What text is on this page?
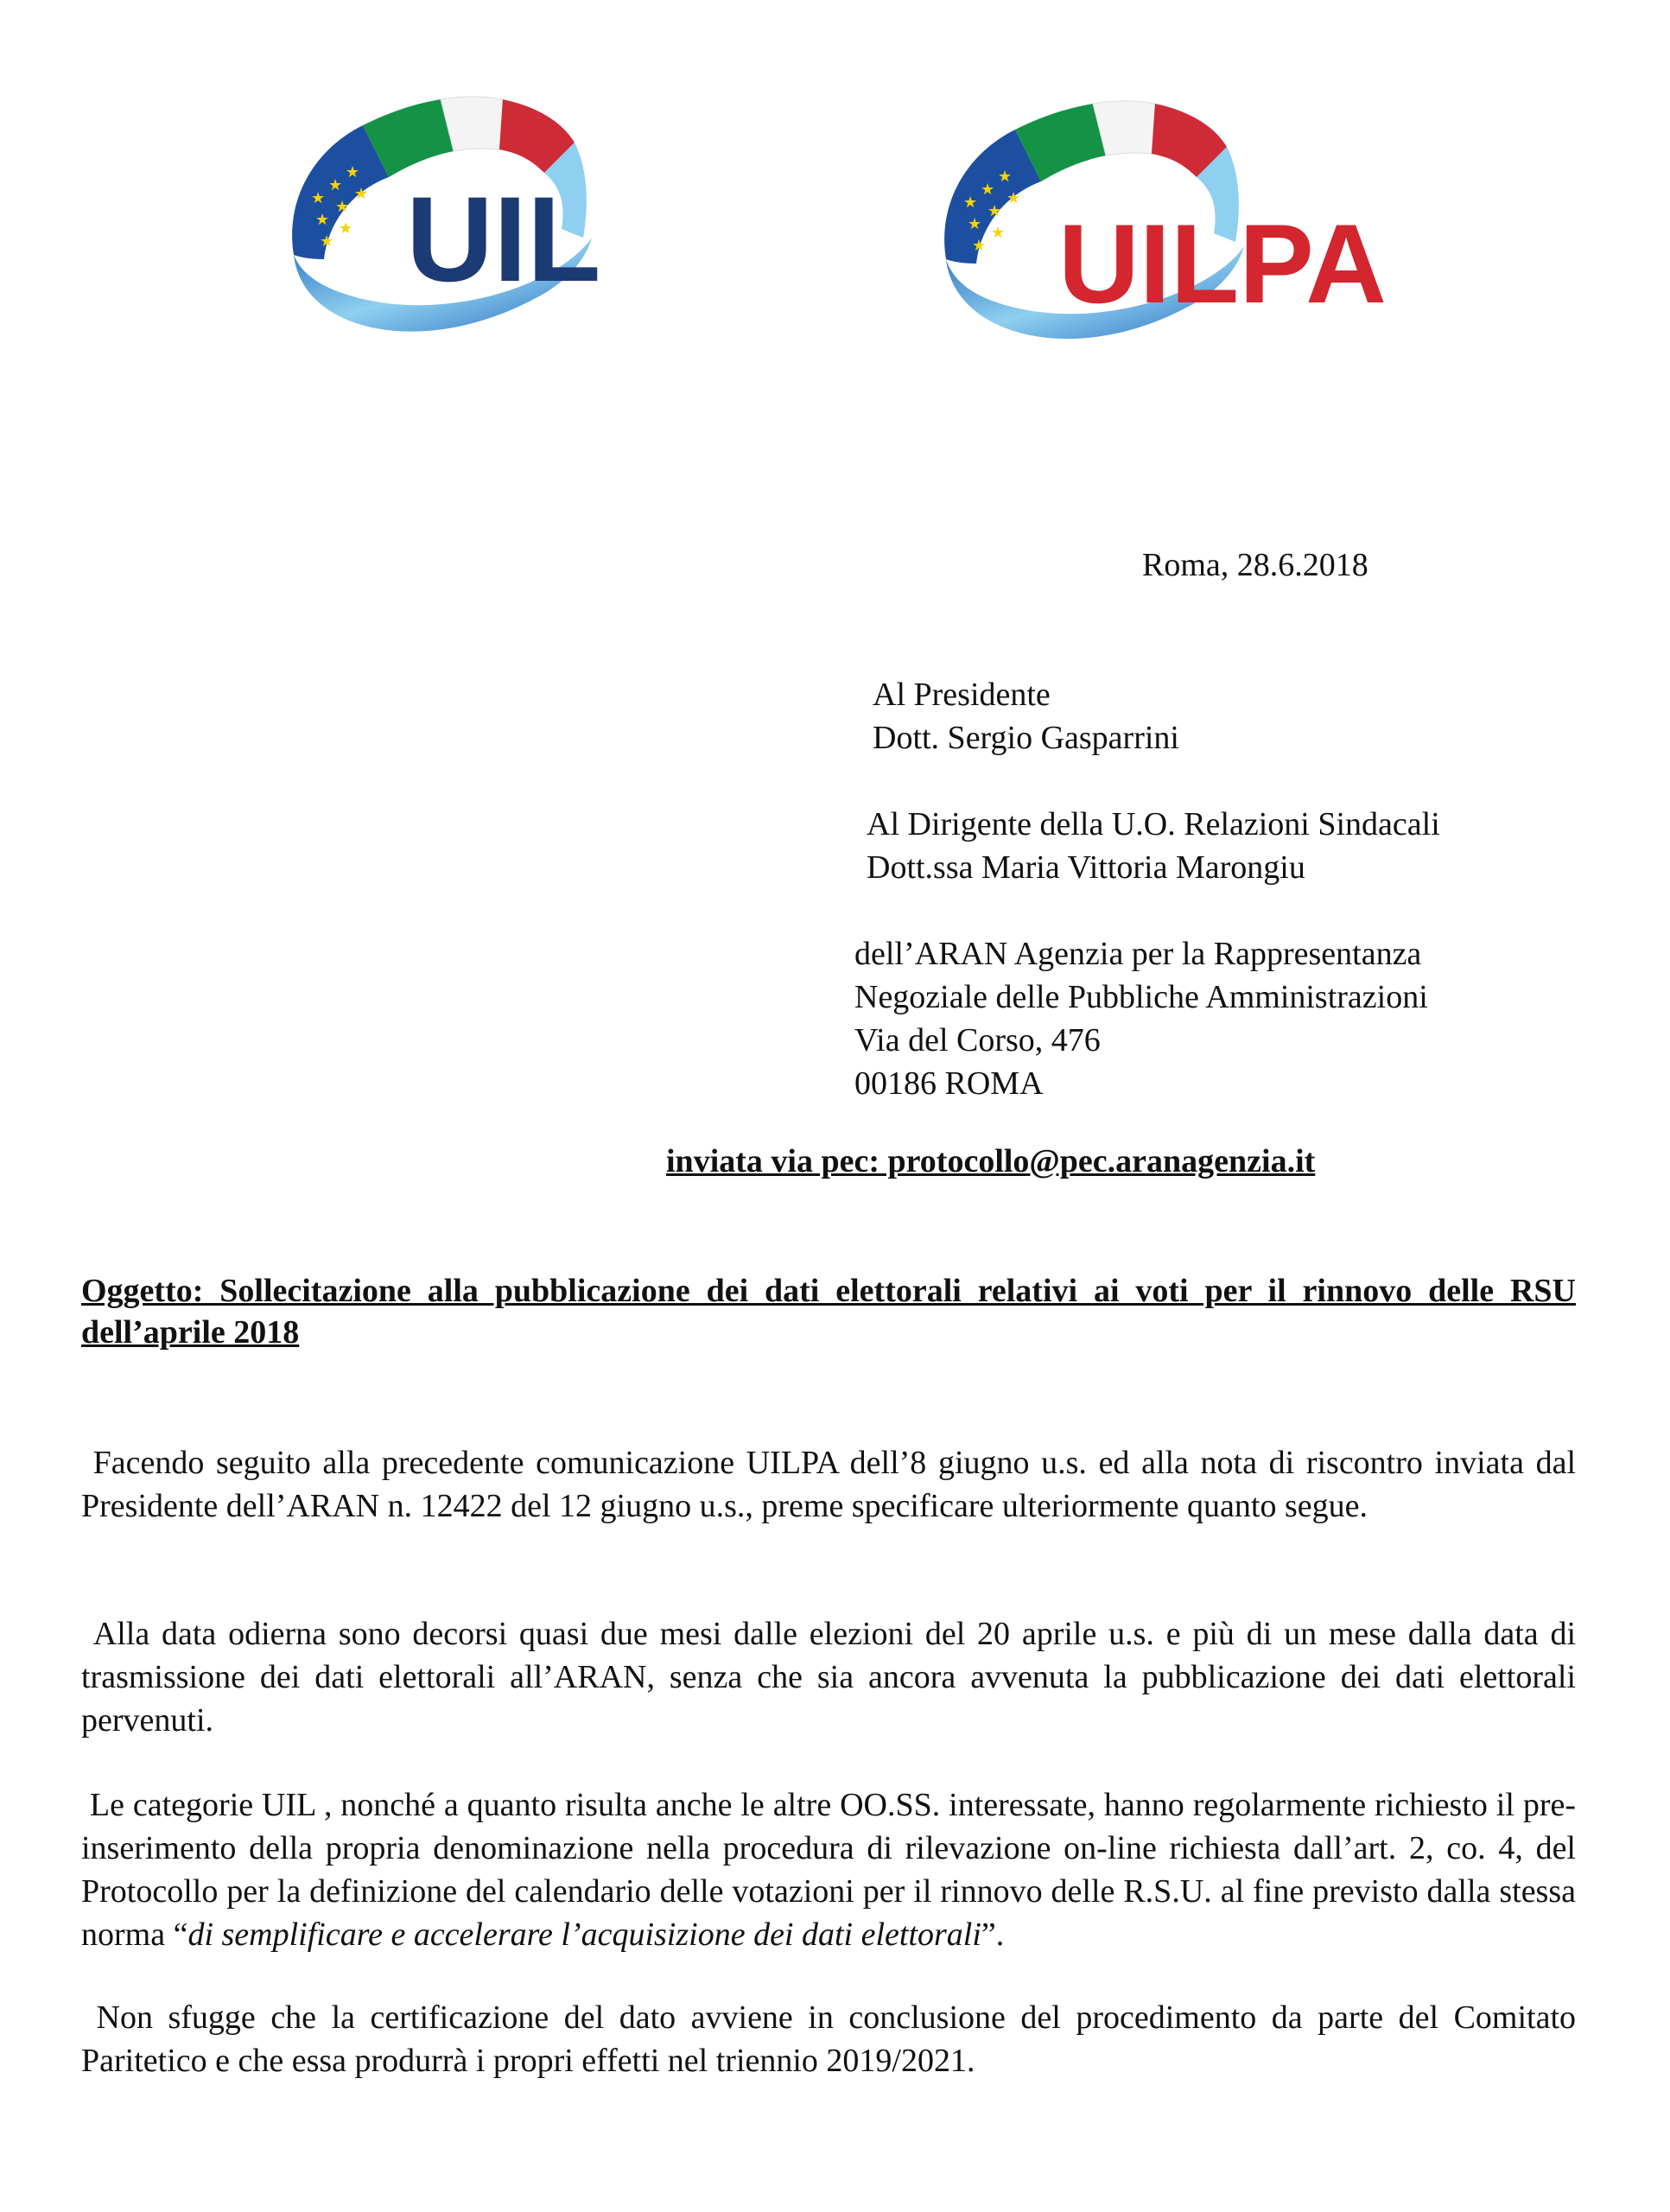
★
★
★
★
★
★
★
★ UIL	★
★
★
★
★
★
★
★ UILPA
Roma, 28.6.2018
Al Presidente
Dott. Sergio Gasparrini
Al Dirigente della U.O. Relazioni Sindacali
Dott.ssa Maria Vittoria Marongiu
dell’ARAN Agenzia per la Rappresentanza
Negoziale delle Pubbliche Amministrazioni
Via del Corso, 476
00186 ROMA
inviata via pec: protocollo@pec.aranagenzia.it
Oggetto: Sollecitazione alla pubblicazione dei dati elettorali relativi ai voti per il rinnovo delle RSU dell’aprile 2018
Facendo seguito alla precedente comunicazione UILPA dell’8 giugno u.s. ed alla nota di riscontro inviata dal Presidente dell’ARAN n. 12422 del 12 giugno u.s., preme specificare ulteriormente quanto segue.
Alla data odierna sono decorsi quasi due mesi dalle elezioni del 20 aprile u.s. e più di un mese dalla data di trasmissione dei dati elettorali all’ARAN, senza che sia ancora avvenuta la pubblicazione dei dati elettorali pervenuti.
Le categorie UIL , nonché a quanto risulta anche le altre OO.SS. interessate, hanno regolarmente richiesto il pre-inserimento della propria denominazione nella procedura di rilevazione on-line richiesta dall’art. 2, co. 4, del Protocollo per la definizione del calendario delle votazioni per il rinnovo delle R.S.U. al fine previsto dalla stessa norma “di semplificare e accelerare l’acquisizione dei dati elettorali”.
Non sfugge che la certificazione del dato avviene in conclusione del procedimento da parte del Comitato Paritetico e che essa produrrà i propri effetti nel triennio 2019/2021.
